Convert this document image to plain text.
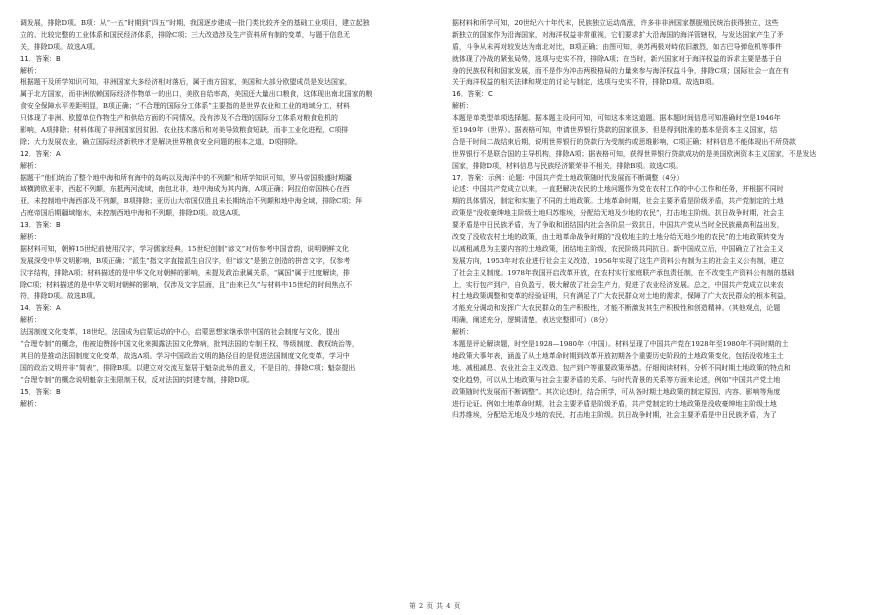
调发展，排除D项。B项：从“一五”时期到“四五”时期，我国逐步建成一批门类比较齐全的基础工业项目，建立起独
立的、比较完整的工业体系和国民经济体系，排除C项；三大改造涉及生产资料所有制的变革，与题干信息无
关，排除D项。故选A项。
11．答案：B
解析：
根据题干及所学知识可知，非洲国家大多经济相对落后，属于南方国家，美国和大部分欧盟成员是发达国家，
属于北方国家，而非洲依赖国际经济作物单一的出口，美欧自给率高，美国还大量出口粮食，这体现出南北国家的粮
食安全保障水平差距明显，B项正确；“不合理的国际分工体系”主要指的是世界农业和工业的地域分工，材料
只体现了非洲、欧盟单位作物生产和供给方面的不同情况，没有涉及不合理的国际分工体系对粮食危机的
影响，A项排除；材料体现了非洲国家因贫困、农业技术落后和对美导致粮食短缺，而非工业化进程，C项排
除；大力发展农业，确立国际经济新秩序才是解决世界粮食安全问题的根本之道，D项排除。
12．答案：A
解析：
据题干“他们统治了整个地中海和所有海中的岛屿以及海洋中的不列颠”和所学知识可知，罗马帝国极盛时期疆
域横跨欧亚非，西起不列颠，东抵两河流域，南包北非，地中海成为其内海，A项正确；阿拉伯帝国核心在西
亚，未控制地中海西部及不列颠，B项排除；亚历山大帝国仅胜且未长期统治不列颠和地中海全域，排除C项；拜
占庭帝国后期疆域缩水，未控制西地中海和不列颠，排除D项。故选A项。
13．答案：B
解析：
据材料可知，朝鲜15世纪前使用汉字，学习儒家经典，15世纪创制“谚文”对仿参考中国音韵，说明朝鲜文化
发展深受中华文明影响，B项正确；“派生”指文字直接派生自汉字，但“谚文”是独立创造的拼音文字，仅参考
汉字结构，排除A项；材料描述的是中华文化对朝鲜的影响，未提及政治隶属关系，“属国”属于过度解读，排
除C项；材料描述的是中华文明对朝鲜的影响，仅涉及文字层面，且“由来已久”与材料中15世纪的时间焦点不
符，排除D项。故选B项。
14．答案：A
解析：
法国制度文化变革，18世纪，法国成为启蒙运动的中心，启蒙思想家继承崇中国的社会制度与文化，提出
“合理专制”的概念，他被迫赞扬中国文化来揭露法国文化弊病，批判法国的专制王权、等级制度、教权统治等，
其目的是推动法国制度文化变革，故选A项。学习中国政治文明的路径目的是促进法国制度文化变革，学习中
国的政治文明并非“简表”，排除B项。以建立对交流互鉴居于魁奈此举的意义，不是目的，排除C项；魁奈提出
“合理专制”的概念说明魁奈主张限制王权，反对法国的封建专制，排除D项。
15．答案：B
解析：
据材料和所学可知，20世纪六十年代末，民族独立运动高涨，许多非非洲国家摆脱殖民统治获得独立，这些
新独立的国家作为沿海国家，对海洋权益非常重视，它们要求扩大沿海国的海洋管辖权，与发达国家产生了矛
盾，斗争从未再对较发达为南北对比，B项正确；由图可知，美苏两极对峙依旧激烈，如古巴导弹危机等事件
就体现了冷战的紧张局势，选项与史实不符，排除A项；在当时，新兴国家对于海洋权益的诉求主要是基于自
身的民族权利和国家发展，而不是作为冲击两极格局的力量来参与海洋权益斗争，排除C项；国际社会一直在有
关于海洋权益的相关法律和规定的讨论与制定，选项与史实不符，排除D项。故选B项。
16．答案：C
解析：
本题是单类型单项选择题。据本题主设问可知，可知这本来这道题。据本题时间信息可知准确时空是1946年
至1949年（世界）。据表格可知，申请世界银行贷款的国家很多，但是得到批准的基本是资本主义国家，结
合是干时间二战结束后期，说明世界银行的贷款行为受制约或思维影响，C项正确；材料信息不能体现出不所贷款
世界银行不是联合国的主导机构，排除A项；据表格可知，获得世界银行贷款成功的是美国欧洲资本主义国家，不是发达
国家，排除D项，材料信息与民族经济繁荣非不相关，排除B项。故选C项。
17．答案：示例：论题：中国共产党土地政策随时代发展而不断调整（4分）
论述：中国共产党成立以来，一直把解决农民的土地问题作为党在农村工作的中心工作和任务，并根据不同时
期的具体情况，制定和实施了不同的土地政策。土地革命时期，社会主要矛盾是阶级矛盾，共产党制定的土地
政策是“没收豪绅地主阶级土地归苏维埃，分配给无地及少地的农民”，打击地主阶级。抗日战争时期，社会主
要矛盾是中日民族矛盾，为了争取和团结国内社会各阶层一致抗日，中国共产党从当时全民族最高利益出发，
改变了没收农村土地的政策，由土地革命战争时期的“没收地主的土地分给无地少地的农民”的土地政策转变为
以减租减息为主要内容的土地政策，团结地主阶级，农民阶级共同抗日。新中国成立后，中国确立了社会主义
发展方向，1953年对农业进行社会主义改造，1956年实现了这生产资料公有制为主的社会主义公有制，建立
了社会主义制度。1978年我国开启改革开放，在农村实行家庭联产承包责任制，在不改变生产资料公有制的基础
上，实行包产到户，自负盈亏，极大解放了社会生产力，促进了农业经济发展。总之，中国共产党成立以来农
村土地政策调整和变革的经验证明，只有满足了广大农民群众对土地的需求，保障了广大农民群众的根本利益，
才能充分调动和发挥广大农民群众的生产积极性，才能不断激发其生产积极性和创造精神。（其他观点，论题
明确，阐述充分，逻辑清楚，表达完整即可）（8分）
解析：
本题是评论解读题，时空是1928—1980年（中国）。材料呈现了中国共产党在1928年至1980年不同时期的土
地政策大事年表，涵盖了从土地革命时期到改革开放初期各个重要历史阶段的土地政策变化，包括没收地主土
地、减租减息、农业社会主义改造、包产到户等重要政策举措。仔细阅读材料，分析不同时期土地政策的特点和
变化趋势，可以从土地政策与社会主要矛盾的关系、与时代背景的关系等方面来论述，例如“中国共产党土地
政策随时代发展而不断调整”。其次论述时，结合所学，可从各时期土地政策的制定原因、内容、影响等角度
进行论证。例如土地革命时期，社会主要矛盾是阶级矛盾，共产党制定的土地政策是没收豪绅地主阶级土地
归苏维埃，分配给无地及少地的农民，打击地主阶级。抗日战争时期，社会主要矛盾是中日民族矛盾，为了
第 2 页 共 4 页
